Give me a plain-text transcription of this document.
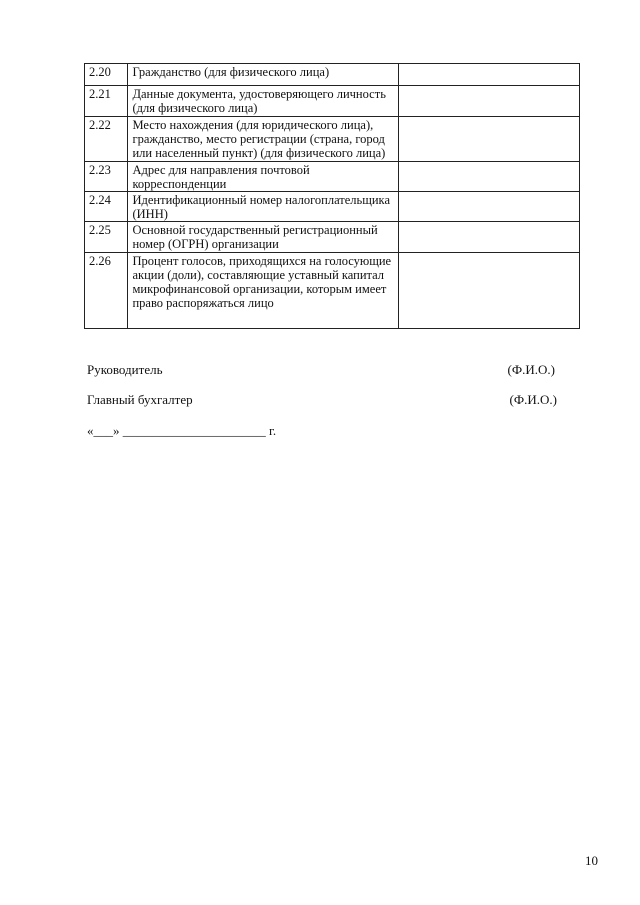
2.20	Гражданство (для физического лица)	
2.21	Данные документа, удостоверяющего личность (для физического лица)	
2.22	Место нахождения (для юридического лица), гражданство, место регистрации (страна, город или населенный пункт) (для физического лица)	
2.23	Адрес для направления почтовой корреспонденции	
2.24	Идентификационный номер налогоплательщика (ИНН)	
2.25	Основной государственный регистрационный номер (ОГРН) организации	
2.26	Процент голосов, приходящихся на голосующие акции (доли), составляющие уставный капитал микрофинансовой организации, которым имеет право распоряжаться лицо	
Руководитель	(Ф.И.О.)
Главный бухгалтер	(Ф.И.О.)
«___» ______________________ г.
10
